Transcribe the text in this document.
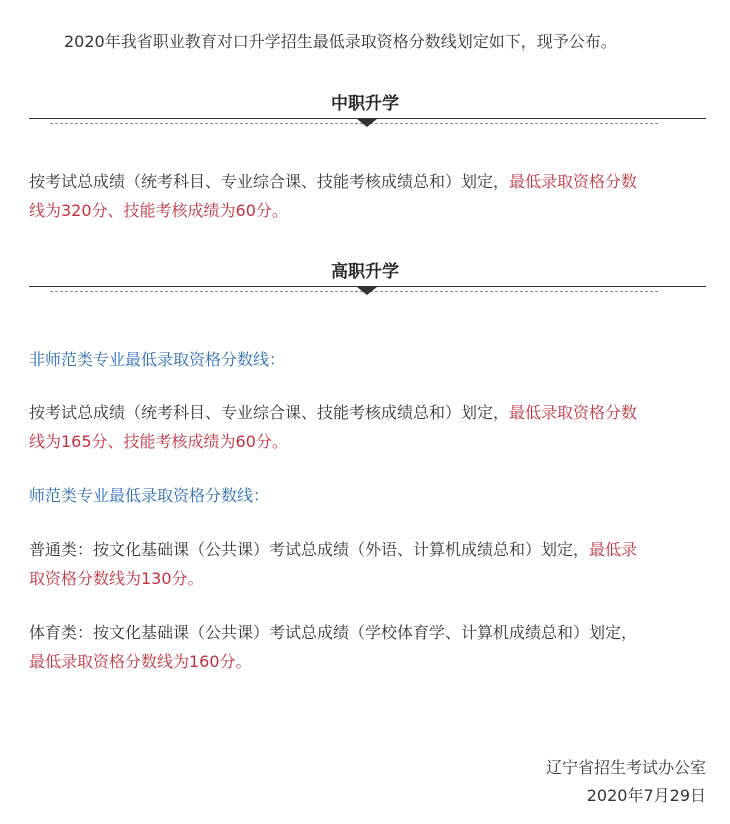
2020年我省职业教育对口升学招生最低录取资格分数线划定如下，现予公布。
中职升学
按考试总成绩（统考科目、专业综合课、技能考核成绩总和）划定，最低录取资格分数
线为320分、技能考核成绩为60分。
高职升学
非师范类专业最低录取资格分数线：
按考试总成绩（统考科目、专业综合课、技能考核成绩总和）划定，最低录取资格分数
线为165分、技能考核成绩为60分。
师范类专业最低录取资格分数线：
普通类：按文化基础课（公共课）考试总成绩（外语、计算机成绩总和）划定，最低录
取资格分数线为130分。
体育类：按文化基础课（公共课）考试总成绩（学校体育学、计算机成绩总和）划定，
最低录取资格分数线为160分。
辽宁省招生考试办公室
2020年7月29日
